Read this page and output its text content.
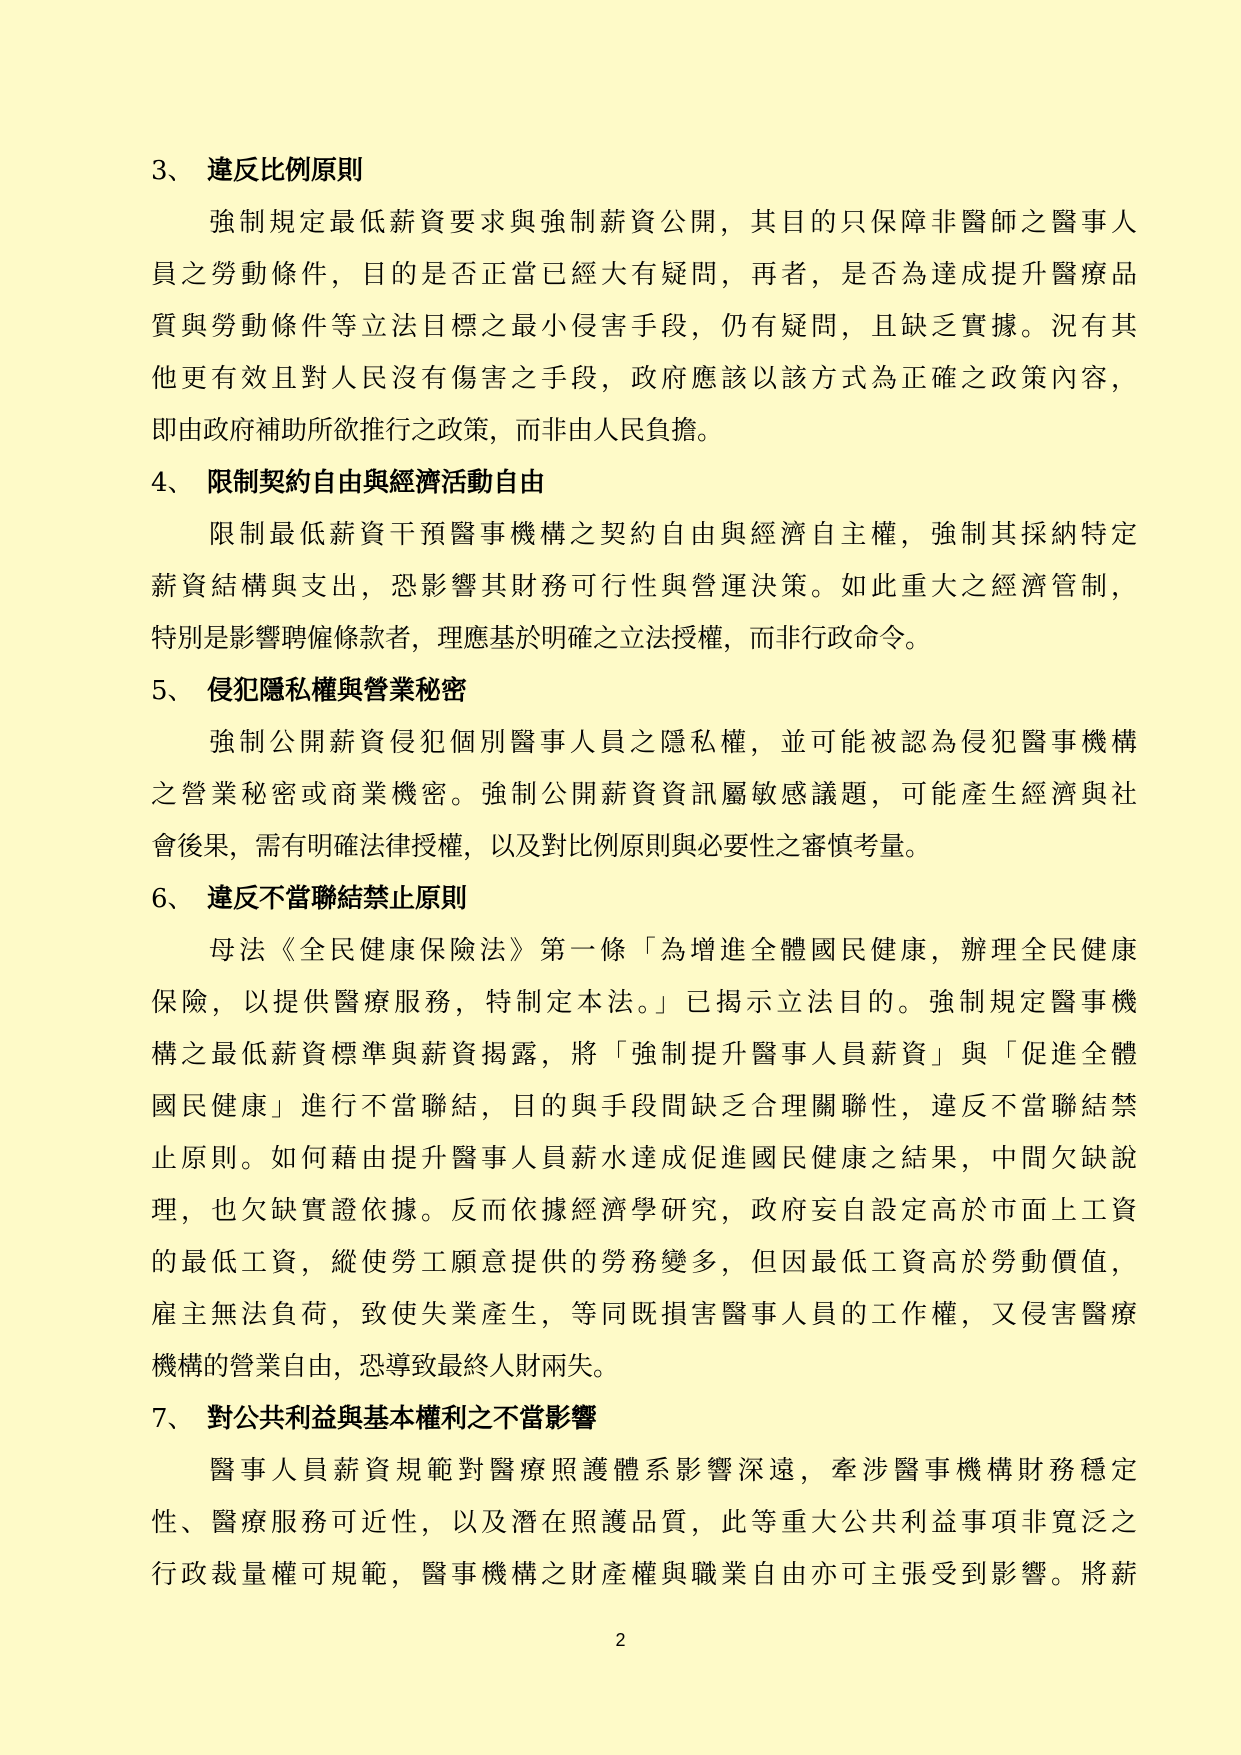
3、 違反比例原則
強制規定最低薪資要求與強制薪資公開，其目的只保障非醫師之醫事人
員之勞動條件，目的是否正當已經大有疑問，再者，是否為達成提升醫療品
質與勞動條件等立法目標之最小侵害手段，仍有疑問，且缺乏實據。況有其
他更有效且對人民沒有傷害之手段，政府應該以該方式為正確之政策內容，
即由政府補助所欲推行之政策，而非由人民負擔。
4、 限制契約自由與經濟活動自由
限制最低薪資干預醫事機構之契約自由與經濟自主權，強制其採納特定
薪資結構與支出，恐影響其財務可行性與營運決策。如此重大之經濟管制，
特別是影響聘僱條款者，理應基於明確之立法授權，而非行政命令。
5、 侵犯隱私權與營業秘密
強制公開薪資侵犯個別醫事人員之隱私權，並可能被認為侵犯醫事機構
之營業秘密或商業機密。強制公開薪資資訊屬敏感議題，可能產生經濟與社
會後果，需有明確法律授權，以及對比例原則與必要性之審慎考量。
6、 違反不當聯結禁止原則
母法《全民健康保險法》第一條「為增進全體國民健康，辦理全民健康
保險，以提供醫療服務，特制定本法。」已揭示立法目的。強制規定醫事機
構之最低薪資標準與薪資揭露，將「強制提升醫事人員薪資」與「促進全體
國民健康」進行不當聯結，目的與手段間缺乏合理關聯性，違反不當聯結禁
止原則。如何藉由提升醫事人員薪水達成促進國民健康之結果，中間欠缺說
理，也欠缺實證依據。反而依據經濟學研究，政府妄自設定高於市面上工資
的最低工資，縱使勞工願意提供的勞務變多，但因最低工資高於勞動價值，
雇主無法負荷，致使失業產生，等同既損害醫事人員的工作權，又侵害醫療
機構的營業自由，恐導致最終人財兩失。
7、 對公共利益與基本權利之不當影響
醫事人員薪資規範對醫療照護體系影響深遠，牽涉醫事機構財務穩定
性、醫療服務可近性，以及潛在照護品質，此等重大公共利益事項非寬泛之
行政裁量權可規範，醫事機構之財產權與職業自由亦可主張受到影響。將薪
2
